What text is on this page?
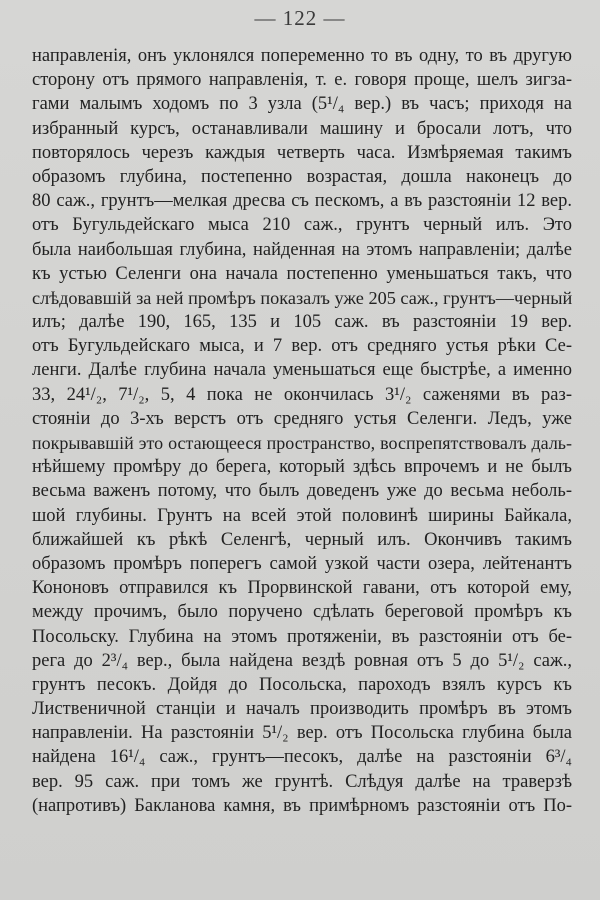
— 122 —
направленія, онъ уклонялся попеременно то въ одну, то въ другую
сторону отъ прямого направленія, т. е. говоря проще, шелъ зигза-
гами малымъ ходомъ по 3 узла (5¹/₄ вер.) въ часъ; приходя на
избранный курсъ, останавливали машину и бросали лотъ, что
повторялось черезъ каждыя четверть часа. Измѣряемая такимъ
образомъ глубина, постепенно возрастая, дошла наконецъ до
80 саж., грунтъ—мелкая дресва съ пескомъ, а въ разстояніи 12 вер.
отъ Бугульдейскаго мыса 210 саж., грунтъ черный илъ. Это
была наибольшая глубина, найденная на этомъ направленіи; далѣе
къ устью Селенги она начала постепенно уменьшаться такъ, что
слѣдовавшій за ней промѣръ показалъ уже 205 саж., грунтъ—черный
илъ; далѣе 190, 165, 135 и 105 саж. въ разстояніи 19 вер.
отъ Бугульдейскаго мыса, и 7 вер. отъ средняго устья рѣки Се-
ленги. Далѣе глубина начала уменьшаться еще быстрѣе, а именно
33, 24¹/₂, 7¹/₂, 5, 4 пока не окончилась 3¹/₂ саженями въ раз-
стояніи до 3-хъ верстъ отъ средняго устья Селенги. Ледъ, уже
покрывавшій это остающееся пространство, воспрепятствовалъ даль-
нѣйшему промѣру до берега, который здѣсь впрочемъ и не былъ
весьма важенъ потому, что былъ доведенъ уже до весьма неболь-
шой глубины. Грунтъ на всей этой половинѣ ширины Байкала,
ближайшей къ рѣкѣ Селенгѣ, черный илъ. Окончивъ такимъ
образомъ промѣръ поперегъ самой узкой части озера, лейтенантъ
Кононовъ отправился къ Прорвинской гавани, отъ которой ему,
между прочимъ, было поручено сдѣлать береговой промѣръ къ
Посольску. Глубина на этомъ протяженіи, въ разстояніи отъ бе-
рега до 2³/₄ вер., была найдена вездѣ ровная отъ 5 до 5¹/₂ саж.,
грунтъ песокъ. Дойдя до Посольска, пароходъ взялъ курсъ къ
Лиственичной станціи и началъ производить промѣръ въ этомъ
направленіи. На разстояніи 5¹/₂ вер. отъ Посольска глубина была
найдена 16¹/₄ саж., грунтъ—песокъ, далѣе на разстояніи 6³/₄
вер. 95 саж. при томъ же грунтѣ. Слѣдуя далѣе на траверзѣ
(напротивъ) Бакланова камня, въ примѣрномъ разстояніи отъ По-
